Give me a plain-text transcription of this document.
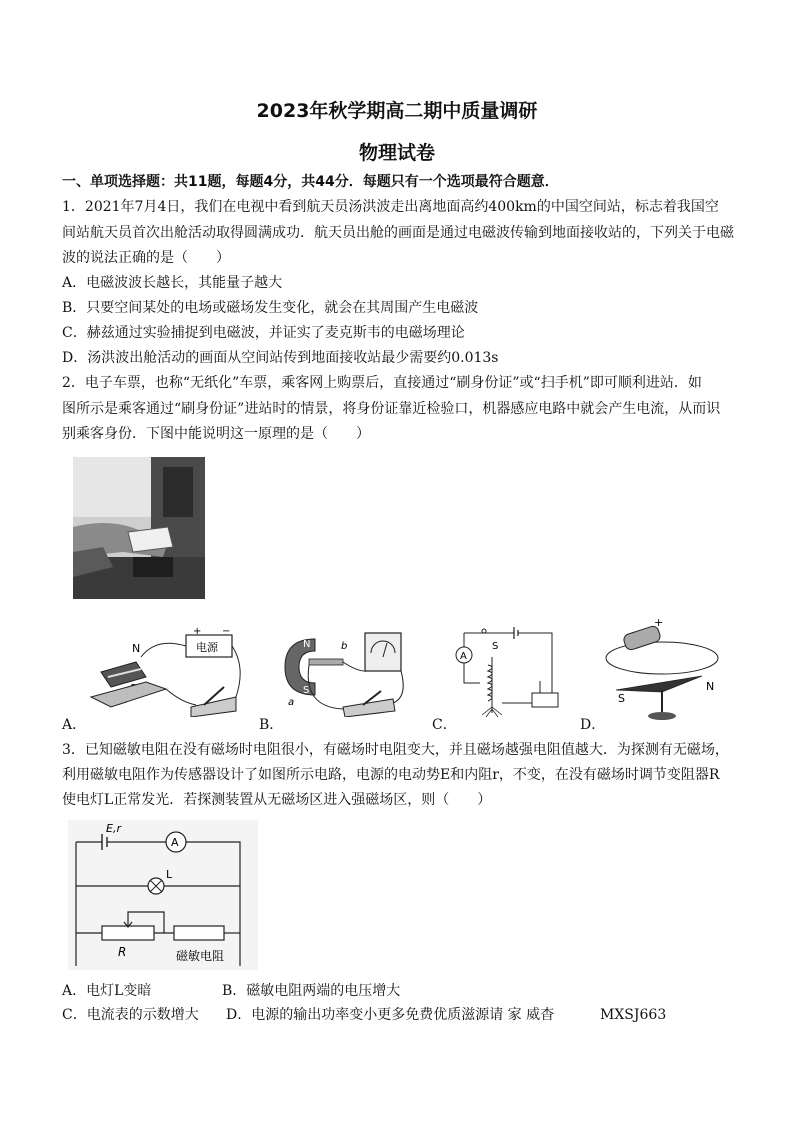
2023年秋学期高二期中质量调研
物理试卷
一、单项选择题：共11题，每题4分，共44分．每题只有一个选项最符合题意．
1．2021年7月4日，我们在电视中看到航天员汤洪波走出离地面高约400km的中国空间站，标志着我国空
间站航天员首次出舱活动取得圆满成功．航天员出舱的画面是通过电磁波传输到地面接收站的，下列关于电磁
波的说法正确的是（　　）
A．电磁波波长越长，其能量子越大
B．只要空间某处的电场或磁场发生变化，就会在其周围产生电磁波
C．赫兹通过实验捕捉到电磁波，并证实了麦克斯韦的电磁场理论
D．汤洪波出舱活动的画面从空间站传到地面接收站最少需要约0.013s
2．电子车票，也称“无纸化”车票，乘客网上购票后，直接通过“刷身份证”或“扫手机”即可顺利进站．如
图所示是乘客通过“刷身份证”进站时的情景，将身份证靠近检验口，机器感应电路中就会产生电流，从而识
别乘客身份．下图中能说明这一原理的是（　　）
电源
+ −
N	N
S
a
b
A
S
+
S
N
A．	B．	C．	D．
3．已知磁敏电阻在没有磁场时电阻很小，有磁场时电阻变大，并且磁场越强电阻值越大．为探测有无磁场，
利用磁敏电阻作为传感器设计了如图所示电路，电源的电动势E和内阻r，不变，在没有磁场时调节变阻器R
使电灯L正常发光．若探测装置从无磁场区进入强磁场区，则（　　）
E,r
A
L
R	磁敏电阻
A．电灯L变暗	B．磁敏电阻两端的电压增大
C．电流表的示数增大 D．电源的输出功率变小更多免费优质滋源请 家 威杳	MXSJ663
